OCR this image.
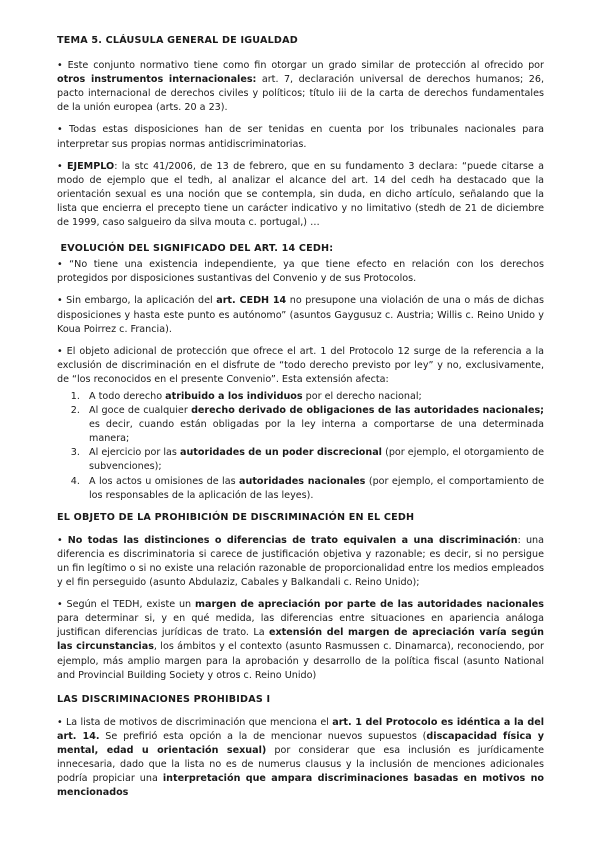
TEMA 5. CLÁUSULA GENERAL DE IGUALDAD

• Este conjunto normativo tiene como fin otorgar un grado similar de protección al ofrecido por otros instrumentos internacionales: art. 7, declaración universal de derechos humanos; 26, pacto internacional de derechos civiles y políticos; título iii de la carta de derechos fundamentales de la unión europea (arts. 20 a 23).

• Todas estas disposiciones han de ser tenidas en cuenta por los tribunales nacionales para interpretar sus propias normas antidiscriminatorias.

• EJEMPLO: la stc 41/2006, de 13 de febrero, que en su fundamento 3 declara: “puede citarse a modo de ejemplo que el tedh, al analizar el alcance del art. 14 del cedh ha destacado que la orientación sexual es una noción que se contempla, sin duda, en dicho artículo, señalando que la lista que encierra el precepto tiene un carácter indicativo y no limitativo (stedh de 21 de diciembre de 1999, caso salgueiro da silva mouta c. portugal,) …

EVOLUCIÓN DEL SIGNIFICADO DEL ART. 14 CEDH:

• “No tiene una existencia independiente, ya que tiene efecto en relación con los derechos protegidos por disposiciones sustantivas del Convenio y de sus Protocolos.

• Sin embargo, la aplicación del art. CEDH 14 no presupone una violación de una o más de dichas disposiciones y hasta este punto es autónomo” (asuntos Gaygusuz c. Austria; Willis c. Reino Unido y Koua Poirrez c. Francia).

• El objeto adicional de protección que ofrece el art. 1 del Protocolo 12 surge de la referencia a la exclusión de discriminación en el disfrute de “todo derecho previsto por ley” y no, exclusivamente, de “los reconocidos en el presente Convenio”. Esta extensión afecta:

1. A todo derecho atribuido a los individuos por el derecho nacional;
2. Al goce de cualquier derecho derivado de obligaciones de las autoridades nacionales; es decir, cuando están obligadas por la ley interna a comportarse de una determinada manera;
3. Al ejercicio por las autoridades de un poder discrecional (por ejemplo, el otorgamiento de subvenciones);
4. A los actos u omisiones de las autoridades nacionales (por ejemplo, el comportamiento de los responsables de la aplicación de las leyes).
EL OBJETO DE LA PROHIBICIÓN DE DISCRIMINACIÓN EN EL CEDH

• No todas las distinciones o diferencias de trato equivalen a una discriminación: una diferencia es discriminatoria si carece de justificación objetiva y razonable; es decir, si no persigue un fin legítimo o si no existe una relación razonable de proporcionalidad entre los medios empleados y el fin perseguido (asunto Abdulaziz, Cabales y Balkandali c. Reino Unido);

• Según el TEDH, existe un margen de apreciación por parte de las autoridades nacionales para determinar si, y en qué medida, las diferencias entre situaciones en apariencia análoga justifican diferencias jurídicas de trato. La extensión del margen de apreciación varía según las circunstancias, los ámbitos y el contexto (asunto Rasmussen c. Dinamarca), reconociendo, por ejemplo, más amplio margen para la aprobación y desarrollo de la política fiscal (asunto National and Provincial Building Society y otros c. Reino Unido)

LAS DISCRIMINACIONES PROHIBIDAS I

• La lista de motivos de discriminación que menciona el art. 1 del Protocolo es idéntica a la del art. 14. Se prefirió esta opción a la de mencionar nuevos supuestos (discapacidad física y mental, edad u orientación sexual) por considerar que esa inclusión es jurídicamente innecesaria, dado que la lista no es de numerus clausus y la inclusión de menciones adicionales podría propiciar una interpretación que ampara discriminaciones basadas en motivos no mencionados
